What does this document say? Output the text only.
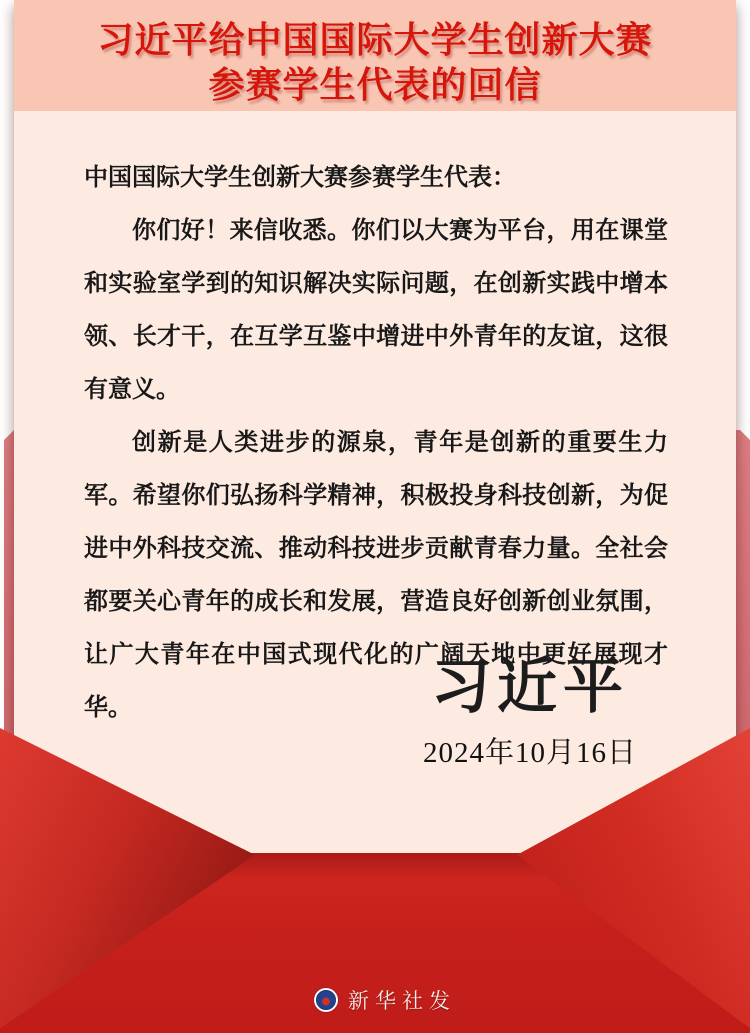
习近平给中国国际大学生创新大赛
参赛学生代表的回信

中国国际大学生创新大赛参赛学生代表：

你们好！来信收悉。你们以大赛为平台，用在课堂和实验室学到的知识解决实际问题，在创新实践中增本领、长才干，在互学互鉴中增进中外青年的友谊，这很有意义。

创新是人类进步的源泉，青年是创新的重要生力军。希望你们弘扬科学精神，积极投身科技创新，为促进中外科技交流、推动科技进步贡献青春力量。全社会都要关心青年的成长和发展，营造良好创新创业氛围，让广大青年在中国式现代化的广阔天地中更好展现才华。	习近平
2024年10月16日
新华社发
